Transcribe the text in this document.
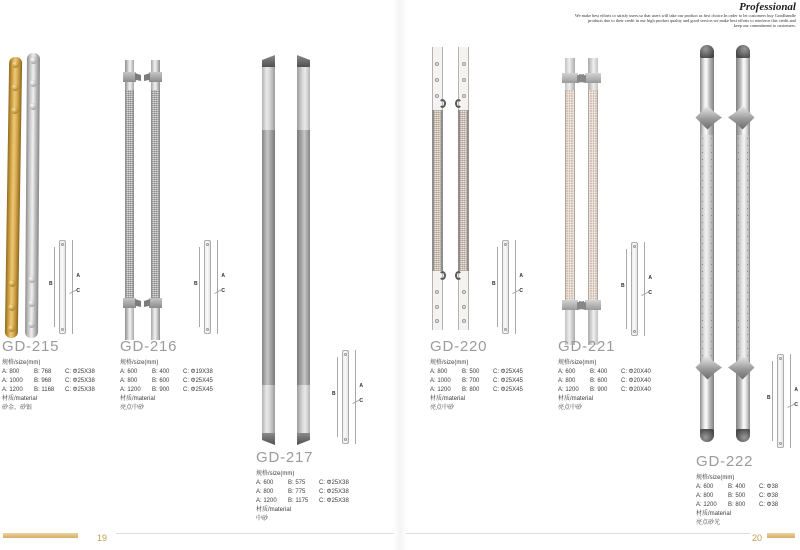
Professional
We make best efforts to satisfy users,so that users will take our product as first choice.In order to let customers buy Goodhandle
products due to their credit in our high product quality and good service,we make best efforts to reinforce this credit and
keep our commitment to customers.
A
B
C
A
B
C
A
B
C
A
B
C
A
B
C
A
B
C
GD-215
规格/size(mm)
A: 800	B: 768	C: Φ25X38
A: 1000	B: 968	C: Φ25X38
A: 1200	B: 1168	C: Φ25X38
材质/material
砂金、砂银
GD-216
规格/size(mm)
A: 600	B: 400	C: Φ19X38
A: 800	B: 600	C: Φ25X45
A: 1200	B: 900	C: Φ25X45
材质/material
亮点中砂
GD-217
规格/size(mm)
A: 600	B: 575	C: Φ25X38
A: 800	B: 775	C: Φ25X38
A: 1200	B: 1175	C: Φ25X38
材质/material
中砂
GD-220
规格/size(mm)
A: 800	B: 500	C: Φ25X45
A: 1000	B: 700	C: Φ25X45
A: 1200	B: 800	C: Φ25X45
材质/material
亮点中砂
GD-221
规格/size(mm)
A: 600	B: 400	C: Φ20X40
A: 800	B: 600	C: Φ20X40
A: 1200	B: 900	C: Φ20X40
材质/material
亮点中砂
GD-222
规格/size(mm)
A: 600	B: 400	C: Φ38
A: 800	B: 500	C: Φ38
A: 1200	B: 800	C: Φ38
材质/material
亮点砂光
19	20
